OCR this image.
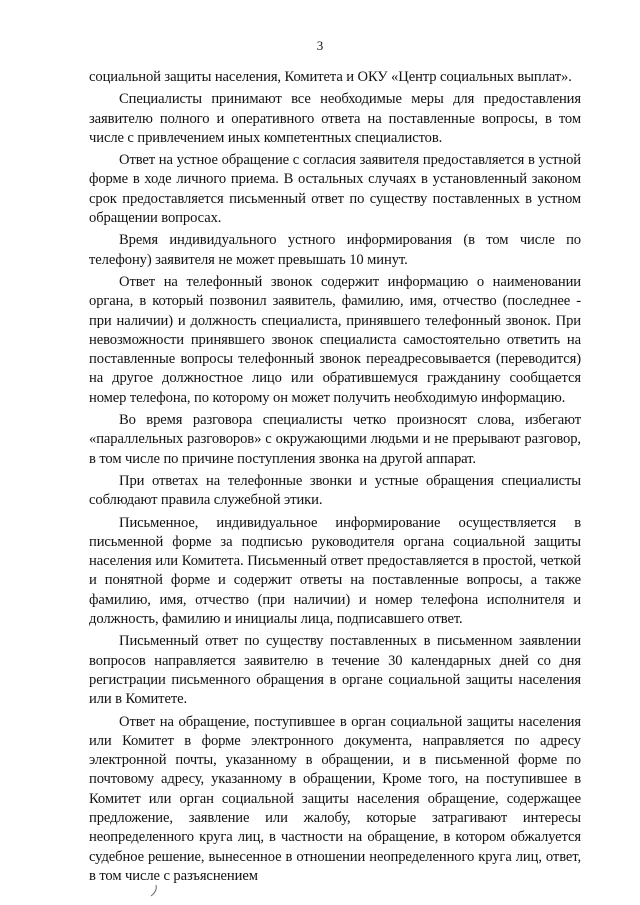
3

социальной защиты населения, Комитета и ОКУ «Центр социальных выплат».

Специалисты принимают все необходимые меры для предоставления заявителю полного и оперативного ответа на поставленные вопросы, в том числе с привлечением иных компетентных специалистов.

Ответ на устное обращение с согласия заявителя предоставляется в устной форме в ходе личного приема. В остальных случаях в установленный законом срок предоставляется письменный ответ по существу поставленных в устном обращении вопросах.

Время индивидуального устного информирования (в том числе по телефону) заявителя не может превышать 10 минут.

Ответ на телефонный звонок содержит информацию о наименовании органа, в который позвонил заявитель, фамилию, имя, отчество (последнее - при наличии) и должность специалиста, принявшего телефонный звонок. При невозможности принявшего звонок специалиста самостоятельно ответить на поставленные вопросы телефонный звонок переадресовывается (переводится) на другое должностное лицо или обратившемуся гражданину сообщается номер телефона, по которому он может получить необходимую информацию.

Во время разговора специалисты четко произносят слова, избегают «параллельных разговоров» с окружающими людьми и не прерывают разговор, в том числе по причине поступления звонка на другой аппарат.

При ответах на телефонные звонки и устные обращения специалисты соблюдают правила служебной этики.

Письменное, индивидуальное информирование осуществляется в письменной форме за подписью руководителя органа социальной защиты населения или Комитета. Письменный ответ предоставляется в простой, четкой и понятной форме и содержит ответы на поставленные вопросы, а также фамилию, имя, отчество (при наличии) и номер телефона исполнителя и должность, фамилию и инициалы лица, подписавшего ответ.

Письменный ответ по существу поставленных в письменном заявлении вопросов направляется заявителю в течение 30 календарных дней со дня регистрации письменного обращения в органе социальной защиты населения или в Комитете.

Ответ на обращение, поступившее в орган социальной защиты населения или Комитет в форме электронного документа, направляется по адресу электронной почты, указанному в обращении, и в письменной форме по почтовому адресу, указанному в обращении, Кроме того, на поступившее в Комитет или орган социальной защиты населения обращение, содержащее предложение, заявление или жалобу, которые затрагивают интересы неопределенного круга лиц, в частности на обращение, в котором обжалуется судебное решение, вынесенное в отношении неопределенного круга лиц, ответ, в том числе с разъяснением
